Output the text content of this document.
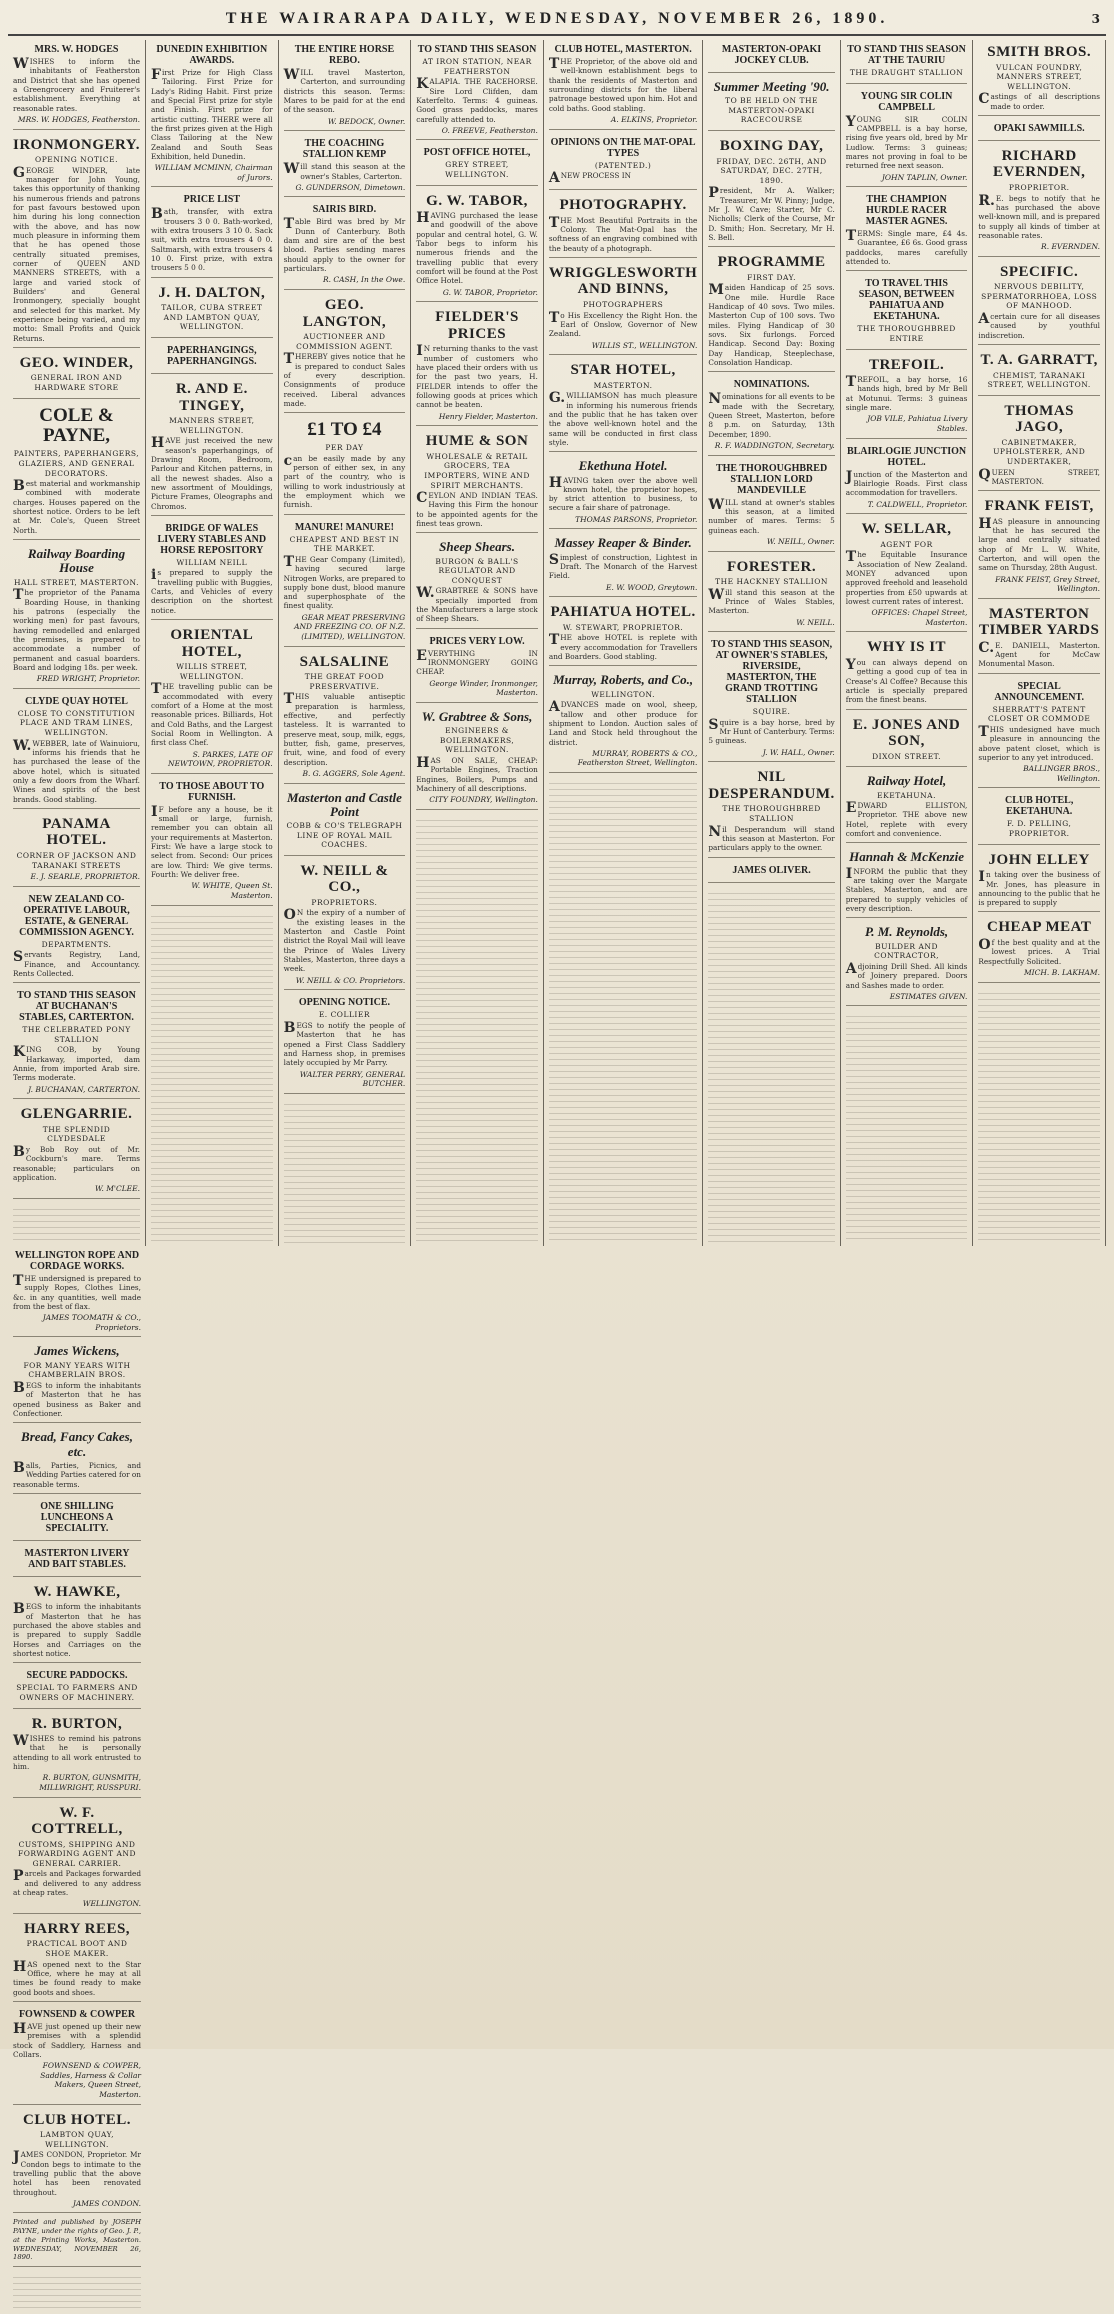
THE WAIRARAPA DAILY, WEDNESDAY, NOVEMBER 26, 1890.	3
MRS. W. HODGES
WISHES to inform the inhabitants of Featherston and District that she has opened a Greengrocery and Fruiterer's establishment. Everything at reasonable rates.
MRS. W. HODGES, Featherston.
IRONMONGERY.
OPENING NOTICE.
GEORGE WINDER, late manager for John Young, takes this opportunity of thanking his numerous friends and patrons for past favours bestowed upon him during his long connection with the above, and has now much pleasure in informing them that he has opened those centrally situated premises, corner of QUEEN AND MANNERS STREETS, with a large and varied stock of Builders' and General Ironmongery, specially bought and selected for this market. My experience being varied, and my motto: Small Profits and Quick Returns.
GEO. WINDER,
GENERAL IRON AND HARDWARE STORE
COLE & PAYNE,
PAINTERS, PAPERHANGERS, GLAZIERS, AND GENERAL DECORATORS.
Best material and workmanship combined with moderate charges. Houses papered on the shortest notice. Orders to be left at Mr. Cole's, Queen Street North.
Railway Boarding House
HALL STREET, MASTERTON.
The proprietor of the Panama Boarding House, in thanking his patrons (especially the working men) for past favours, having remodelled and enlarged the premises, is prepared to accommodate a number of permanent and casual boarders. Board and lodging 18s. per week.
FRED WRIGHT, Proprietor.
CLYDE QUAY HOTEL
CLOSE TO CONSTITUTION PLACE AND TRAM LINES, WELLINGTON.
W.WEBBER, late of Wainuioru, informs his friends that he has purchased the lease of the above hotel, which is situated only a few doors from the Wharf. Wines and spirits of the best brands. Good stabling.
PANAMA HOTEL.
CORNER OF JACKSON AND TARANAKI STREETS
E. J. SEARLE, PROPRIETOR.
NEW ZEALAND CO-OPERATIVE LABOUR, ESTATE, & GENERAL COMMISSION AGENCY.
DEPARTMENTS.
Servants Registry, Land, Finance, and Accountancy. Rents Collected.
TO STAND THIS SEASON AT BUCHANAN'S STABLES, CARTERTON.
THE CELEBRATED PONY STALLION
KING COB, by Young Harkaway, imported, dam Annie, from imported Arab sire. Terms moderate.
J. BUCHANAN, CARTERTON.
GLENGARRIE.
THE SPLENDID CLYDESDALE
By Bob Roy out of Mr. Cockburn's mare. Terms reasonable; particulars on application.
W. M'CLEE.
DUNEDIN EXHIBITION AWARDS.
First Prize for High Class Tailoring. First Prize for Lady's Riding Habit. First prize and Special First prize for style and Finish. First prize for artistic cutting. THERE were all the first prizes given at the High Class Tailoring at the New Zealand and South Seas Exhibition, held Dunedin.
WILLIAM MCMINN, Chairman of Jurors.
PRICE LIST
Bath, transfer, with extra trousers 3 0 0. Bath-worked, with extra trousers 3 10 0. Sack suit, with extra trousers 4 0 0. Saltmarsh, with extra trousers 4 10 0. First prize, with extra trousers 5 0 0.
J. H. DALTON,
TAILOR, CUBA STREET AND LAMBTON QUAY, WELLINGTON.
PAPERHANGINGS, PAPERHANGINGS.
R. AND E. TINGEY,
MANNERS STREET, WELLINGTON.
HAVE just received the new season's paperhangings, of Drawing Room, Bedroom, Parlour and Kitchen patterns, in all the newest shades. Also a new assortment of Mouldings, Picture Frames, Oleographs and Chromos.
BRIDGE OF WALES LIVERY STABLES AND HORSE REPOSITORY
WILLIAM NEILL
is prepared to supply the travelling public with Buggies, Carts, and Vehicles of every description on the shortest notice.
ORIENTAL HOTEL,
WILLIS STREET, WELLINGTON.
THE travelling public can be accommodated with every comfort of a Home at the most reasonable prices. Billiards, Hot and Cold Baths, and the Largest Social Room in Wellington. A first class Chef.
S. PARKES, LATE OF NEWTOWN, PROPRIETOR.
TO THOSE ABOUT TO FURNISH.
IF before any a house, be it small or large, furnish, remember you can obtain all your requirements at Masterton. First: We have a large stock to select from. Second: Our prices are low. Third: We give terms. Fourth: We deliver free.
W. WHITE, Queen St. Masterton.
THE ENTIRE HORSE REBO.
WILL travel Masterton, Carterton, and surrounding districts this season. Terms: Mares to be paid for at the end of the season.
W. BEDOCK, Owner.
THE COACHING STALLION KEMP
Will stand this season at the owner's Stables, Carterton.
G. GUNDERSON, Dimetown.
SAIRIS BIRD.
Table Bird was bred by Mr Dunn of Canterbury. Both dam and sire are of the best blood. Parties sending mares should apply to the owner for particulars.
R. CASH, In the Owe.
GEO. LANGTON,
AUCTIONEER AND COMMISSION AGENT.
THEREBY gives notice that he is prepared to conduct Sales of every description. Consignments of produce received. Liberal advances made.
£1 TO £4
PER DAY
can be easily made by any person of either sex, in any part of the country, who is willing to work industriously at the employment which we furnish.
MANURE! MANURE!
CHEAPEST AND BEST IN THE MARKET.
THE Gear Company (Limited), having secured large Nitrogen Works, are prepared to supply bone dust, blood manure and superphosphate of the finest quality.
GEAR MEAT PRESERVING AND FREEZING CO. OF N.Z. (LIMITED), WELLINGTON.
SALSALINE
THE GREAT FOOD PRESERVATIVE.
THIS valuable antiseptic preparation is harmless, effective, and perfectly tasteless. It is warranted to preserve meat, soup, milk, eggs, butter, fish, game, preserves, fruit, wine, and food of every description.
B. G. AGGERS, Sole Agent.
Masterton and Castle Point
COBB & CO'S TELEGRAPH LINE OF ROYAL MAIL COACHES.
W. NEILL & CO.,
PROPRIETORS.
ON the expiry of a number of the existing leases in the Masterton and Castle Point district the Royal Mail will leave the Prince of Wales Livery Stables, Masterton, three days a week.
W. NEILL & CO. Proprietors.
OPENING NOTICE.
E. COLLIER
BEGS to notify the people of Masterton that he has opened a First Class Saddlery and Harness shop, in premises lately occupied by Mr Parry.
WALTER PERRY, GENERAL BUTCHER.
TO STAND THIS SEASON
AT IRON STATION, NEAR FEATHERSTON
KALAPIA. THE RACEHORSE. Sire Lord Clifden, dam Katerfelto. Terms: 4 guineas. Good grass paddocks, mares carefully attended to.
O. FREEVE, Featherston.
POST OFFICE HOTEL,
GREY STREET, WELLINGTON.
G. W. TABOR,
HAVING purchased the lease and goodwill of the above popular and central hotel, G. W. Tabor begs to inform his numerous friends and the travelling public that every comfort will be found at the Post Office Hotel.
G. W. TABOR, Proprietor.
FIELDER'S PRICES
IN returning thanks to the vast number of customers who have placed their orders with us for the past two years, H. FIELDER intends to offer the following goods at prices which cannot be beaten.
Henry Fielder, Masterton.
HUME & SON
WHOLESALE & RETAIL GROCERS, TEA IMPORTERS, WINE AND SPIRIT MERCHANTS.
CEYLON AND INDIAN TEAS. Having this Firm the honour to be appointed agents for the finest teas grown.
Sheep Shears.
BURGON & BALL'S REGULATOR AND CONQUEST
W.GRABTREE & SONS have specially imported from the Manufacturers a large stock of Sheep Shears.
PRICES VERY LOW.
EVERYTHING IN IRONMONGERY GOING CHEAP.
George Winder, Ironmonger, Masterton.
W. Grabtree & Sons,
ENGINEERS & BOILERMAKERS, WELLINGTON.
HAS ON SALE, CHEAP: Portable Engines, Traction Engines, Boilers, Pumps and Machinery of all descriptions.
CITY FOUNDRY, Wellington.
CLUB HOTEL, MASTERTON.
THE Proprietor, of the above old and well-known establishment begs to thank the residents of Masterton and surrounding districts for the liberal patronage bestowed upon him. Hot and cold baths. Good stabling.
A. ELKINS, Proprietor.
OPINIONS ON THE MAT-OPAL TYPES
(PATENTED.)
ANEW PROCESS IN
PHOTOGRAPHY.
THE Most Beautiful Portraits in the Colony. The Mat-Opal has the softness of an engraving combined with the beauty of a photograph.
WRIGGLESWORTH AND BINNS,
PHOTOGRAPHERS
To His Excellency the Right Hon. the Earl of Onslow, Governor of New Zealand.
WILLIS ST., WELLINGTON.
STAR HOTEL,
MASTERTON.
G.WILLIAMSON has much pleasure in informing his numerous friends and the public that he has taken over the above well-known hotel and the same will be conducted in first class style.
Ekethuna Hotel.
HAVING taken over the above well known hotel, the proprietor hopes, by strict attention to business, to secure a fair share of patronage.
THOMAS PARSONS, Proprietor.
Massey Reaper & Binder.
Simplest of construction, Lightest in Draft. The Monarch of the Harvest Field.
E. W. WOOD, Greytown.
PAHIATUA HOTEL.
W. STEWART, PROPRIETOR.
THE above HOTEL is replete with every accommodation for Travellers and Boarders. Good stabling.
Murray, Roberts, and Co.,
WELLINGTON.
ADVANCES made on wool, sheep, tallow and other produce for shipment to London. Auction sales of Land and Stock held throughout the district.
MURRAY, ROBERTS & CO., Featherston Street, Wellington.
MASTERTON-OPAKI JOCKEY CLUB.
Summer Meeting '90.
TO BE HELD ON THE MASTERTON-OPAKI RACECOURSE
BOXING DAY,
FRIDAY, DEC. 26TH, AND SATURDAY, DEC. 27TH, 1890.
President, Mr A. Walker; Treasurer, Mr W. Pinny; Judge, Mr J. W. Cave; Starter, Mr C. Nicholls; Clerk of the Course, Mr D. Smith; Hon. Secretary, Mr H. S. Bell.
PROGRAMME
FIRST DAY.
Maiden Handicap of 25 sovs. One mile. Hurdle Race Handicap of 40 sovs. Two miles. Masterton Cup of 100 sovs. Two miles. Flying Handicap of 30 sovs. Six furlongs. Forced Handicap. Second Day: Boxing Day Handicap, Steeplechase, Consolation Handicap.
NOMINATIONS.
Nominations for all events to be made with the Secretary, Queen Street, Masterton, before 8 p.m. on Saturday, 13th December, 1890.
R. F. WADDINGTON, Secretary.
THE THOROUGHBRED STALLION LORD MANDEVILLE
WILL stand at owner's stables this season, at a limited number of mares. Terms: 5 guineas each.
W. NEILL, Owner.
FORESTER.
THE HACKNEY STALLION
Will stand this season at the Prince of Wales Stables, Masterton.
W. NEILL.
TO STAND THIS SEASON, AT OWNER'S STABLES, RIVERSIDE, MASTERTON, THE GRAND TROTTING STALLION
SQUIRE.
Squire is a bay horse, bred by Mr Hunt of Canterbury. Terms: 5 guineas.
J. W. HALL, Owner.
NIL DESPERANDUM.
THE THOROUGHBRED STALLION
Nil Desperandum will stand this season at Masterton. For particulars apply to the owner.
JAMES OLIVER.
TO STAND THIS SEASON AT THE TAURIU
THE DRAUGHT STALLION
YOUNG SIR COLIN CAMPBELL
YOUNG SIR COLIN CAMPBELL is a bay horse, rising five years old, bred by Mr Ludlow. Terms: 3 guineas; mares not proving in foal to be returned free next season.
JOHN TAPLIN, Owner.
THE CHAMPION HURDLE RACER MASTER AGNES.
TERMS: Single mare, £4 4s. Guarantee, £6 6s. Good grass paddocks, mares carefully attended to.
TO TRAVEL THIS SEASON, BETWEEN PAHIATUA AND EKETAHUNA.
THE THOROUGHBRED ENTIRE
TREFOIL.
TREFOIL, a bay horse, 16 hands high, bred by Mr Bell at Motunui. Terms: 3 guineas single mare.
JOB VILE, Pahiatua Livery Stables.
BLAIRLOGIE JUNCTION HOTEL.
Junction of the Masterton and Blairlogie Roads. First class accommodation for travellers.
T. CALDWELL, Proprietor.
W. SELLAR,
AGENT FOR
The Equitable Insurance Association of New Zealand. MONEY advanced upon approved freehold and leasehold properties from £50 upwards at lowest current rates of interest.
OFFICES: Chapel Street, Masterton.
WHY IS IT
You can always depend on getting a good cup of tea in Crease's Al Coffee? Because this article is specially prepared from the finest beans.
E. JONES AND SON,
DIXON STREET.
Railway Hotel,
EKETAHUNA.
EDWARD ELLISTON, Proprietor. THE above new Hotel, replete with every comfort and convenience.
Hannah & McKenzie
INFORM the public that they are taking over the Margate Stables, Masterton, and are prepared to supply vehicles of every description.
P. M. Reynolds,
BUILDER AND CONTRACTOR,
Adjoining Drill Shed. All kinds of Joinery prepared. Doors and Sashes made to order.
ESTIMATES GIVEN.
SMITH BROS.
VULCAN FOUNDRY, MANNERS STREET, WELLINGTON.
Castings of all descriptions made to order.
OPAKI SAWMILLS.
RICHARD EVERNDEN,
PROPRIETOR.
R.E. begs to notify that he has purchased the above well-known mill, and is prepared to supply all kinds of timber at reasonable rates.
R. EVERNDEN.
SPECIFIC.
NERVOUS DEBILITY, SPERMATORRHOEA, LOSS OF MANHOOD.
Acertain cure for all diseases caused by youthful indiscretion.
T. A. GARRATT,
CHEMIST, TARANAKI STREET, WELLINGTON.
THOMAS JAGO,
CABINETMAKER, UPHOLSTERER, AND UNDERTAKER,
QUEEN STREET, MASTERTON.
FRANK FEIST,
HAS pleasure in announcing that he has secured the large and centrally situated shop of Mr L. W. White, Carterton, and will open the same on Thursday, 28th August.
FRANK FEIST, Grey Street, Wellington.
MASTERTON TIMBER YARDS
C.E. DANIELL, Masterton. Agent for McCaw Monumental Mason.
SPECIAL ANNOUNCEMENT.
SHERRATT'S PATENT CLOSET OR COMMODE
THIS undesigned have much pleasure in announcing the above patent closet, which is superior to any yet introduced.
BALLINGER BROS., Wellington.
CLUB HOTEL, EKETAHUNA.
F. D. PELLING, PROPRIETOR.
JOHN ELLEY
In taking over the business of Mr. Jones, has pleasure in announcing to the public that he is prepared to supply
CHEAP MEAT
Of the best quality and at the lowest prices. A Trial Respectfully Solicited.
MICH. B. LAKHAM.
WELLINGTON ROPE AND CORDAGE WORKS.
THE undersigned is prepared to supply Ropes, Clothes Lines, &c. in any quantities, well made from the best of flax.
JAMES TOOMATH & CO., Proprietors.
James Wickens,
FOR MANY YEARS WITH CHAMBERLAIN BROS.
BEGS to inform the inhabitants of Masterton that he has opened business as Baker and Confectioner.
Bread, Fancy Cakes, etc.
Balls, Parties, Picnics, and Wedding Parties catered for on reasonable terms.
ONE SHILLING LUNCHEONS A SPECIALITY.
MASTERTON LIVERY AND BAIT STABLES.
W. HAWKE,
BEGS to inform the inhabitants of Masterton that he has purchased the above stables and is prepared to supply Saddle Horses and Carriages on the shortest notice.
SECURE PADDOCKS.
SPECIAL TO FARMERS AND OWNERS OF MACHINERY.
R. BURTON,
WISHES to remind his patrons that he is personally attending to all work entrusted to him.
R. BURTON, GUNSMITH, MILLWRIGHT, RUSSPURI.
W. F. COTTRELL,
CUSTOMS, SHIPPING AND FORWARDING AGENT AND GENERAL CARRIER.
Parcels and Packages forwarded and delivered to any address at cheap rates.
WELLINGTON.
HARRY REES,
PRACTICAL BOOT AND SHOE MAKER.
HAS opened next to the Star Office, where he may at all times be found ready to make good boots and shoes.
FOWNSEND & COWPER
HAVE just opened up their new premises with a splendid stock of Saddlery, Harness and Collars.
FOWNSEND & COWPER, Saddles, Harness & Collar Makers, Queen Street, Masterton.
CLUB HOTEL.
LAMBTON QUAY, WELLINGTON.
JAMES CONDON, Proprietor. Mr Condon begs to intimate to the travelling public that the above hotel has been renovated throughout.
JAMES CONDON.
Printed and published by JOSEPH PAYNE, under the rights of Geo. J. P., at the Printing Works, Masterton. WEDNESDAY, NOVEMBER 26, 1890.
